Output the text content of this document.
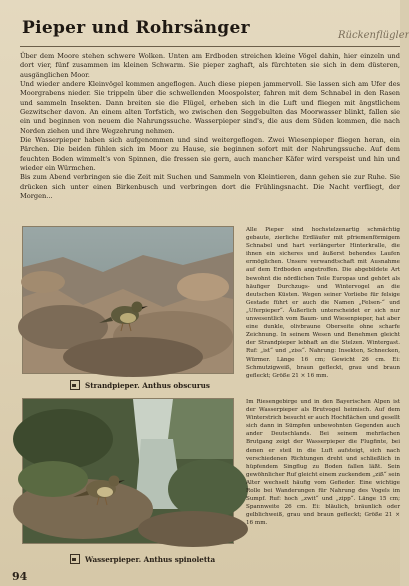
Pieper und Rohrsänger	Rückenflügler

Über dem Moore stehen schwere Wolken. Unten am Erdboden streichen kleine Vögel dahin, hier einzeln und dort vier, fünf zusammen im kleinen Schwarm. Sie pieper zaghaft, als fürchteten sie sich in dem düsteren, ausgänglichen Moor.

Und wieder andere Kleinvögel kommen angeflogen. Auch diese piepen jammervoll. Sie lassen sich am Ufer des Moorgrabens nieder. Sie trippeln über die schwellenden Moospolster, fahren mit dem Schnabel in den Rasen und sammeln Insekten. Dann breiten sie die Flügel, erheben sich in die Luft und fliegen mit ängstlichem Gezwitscher davon. An einem alten Torfstich, wo zwischen den Seggebulten das Moorwasser blinkt, fallen sie ein und beginnen von neuem die Nahrungssuche. Wasserpieper sind's, die aus dem Süden kommen, die nach Norden ziehen und ihre Wegzehrung nehmen.

Die Wasserpieper haben sich aufgenommen und sind weitergeflogen. Zwei Wiesenpieper fliegen heran, ein Pärchen. Die beiden fühlen sich im Moor zu Hause, sie beginnen sofort mit der Nahrungssuche. Auf dem feuchten Boden wimmelt's von Spinnen, die fressen sie gern, auch mancher Käfer wird verspeist und hin und wieder ein Würmchen.

Bis zum Abend verbringen sie die Zeit mit Suchen und Sammeln von Kleintieren, dann gehen sie zur Ruhe. Sie drücken sich unter einen Birkenbusch und verbringen dort die Frühlingsnacht. Die Nacht verfliegt, der Morgen...

Alle Pieper sind hochstelzenartig schmächtig gebaute, zierliche Erdläufer mit pfriemenförmigem Schnabel und hart verlängerter Hinterkralle, die ihnen ein sicheres und äußerst behendes Laufen ermöglichen. Unsere verwandtschaft mit Ausnahme auf dem Erdboden angetroffen. Die abgebildete Art bewohnt die nördlichen Teile Europas und gehört als häufiger Durchzugs- und Wintervogel an die deutschen Küsten. Wegen seiner Vorliebe für felsige Gestade führt er auch die Namen „Felsen-“ und „Uferpieper“. Äußerlich unterscheidet er sich nur unwesentlich vom Baum- und Wiesenpieper, hat aber eine dunkle, olivbraune Oberseite ohne scharfe Zeichnung. In seinem Wesen und Benehmen gleicht der Strandpieper lebhaft an die Stelzen. Wintergast. Ruf: „ist“ und „ziss“. Nahrung: Insekten, Schnecken, Würmer. Länge 16 cm; Gewicht 26 cm. Ei: Schmutzigweiß, braun gefleckt, grau und braun gefleckt; Größe 21 × 16 mm.
Strandpieper. Anthus obscurus
Im Riesengebirge und in den Bayerischen Alpen ist der Wasserpieper als Brutvogel heimisch. Auf dem Winterstrich besucht er auch Hochflächen und gesellt sich dann in Sümpfen unbewohnten Gegenden auch ander Deutschlands. Bei seinem mehrfachen Brutgang zeigt der Wasserpieper die Flugfinte, bei denen er steil in die Luft aufsteigt, sich nach verschiedenen Richtungen dreht und schließlich in hüpfendem Singflug zu Boden fallen läßt. Sein gewöhnlicher Ruf gleicht einem zuckendem „ziß“ sein Alter wechselt häufig vom Gefieder. Eine wichtige Rolle bei Wanderungen für Nahrung des Vogels im Sumpf. Ruf: hoch „zwit“ und „zipp“. Länge 15 cm; Spannweite 26 cm. Ei: bläulich, bräunlich oder gelblichweiß, grau und braun gefleckt; Größe 21 × 16 mm.
Wasserpieper. Anthus spinoletta
94
